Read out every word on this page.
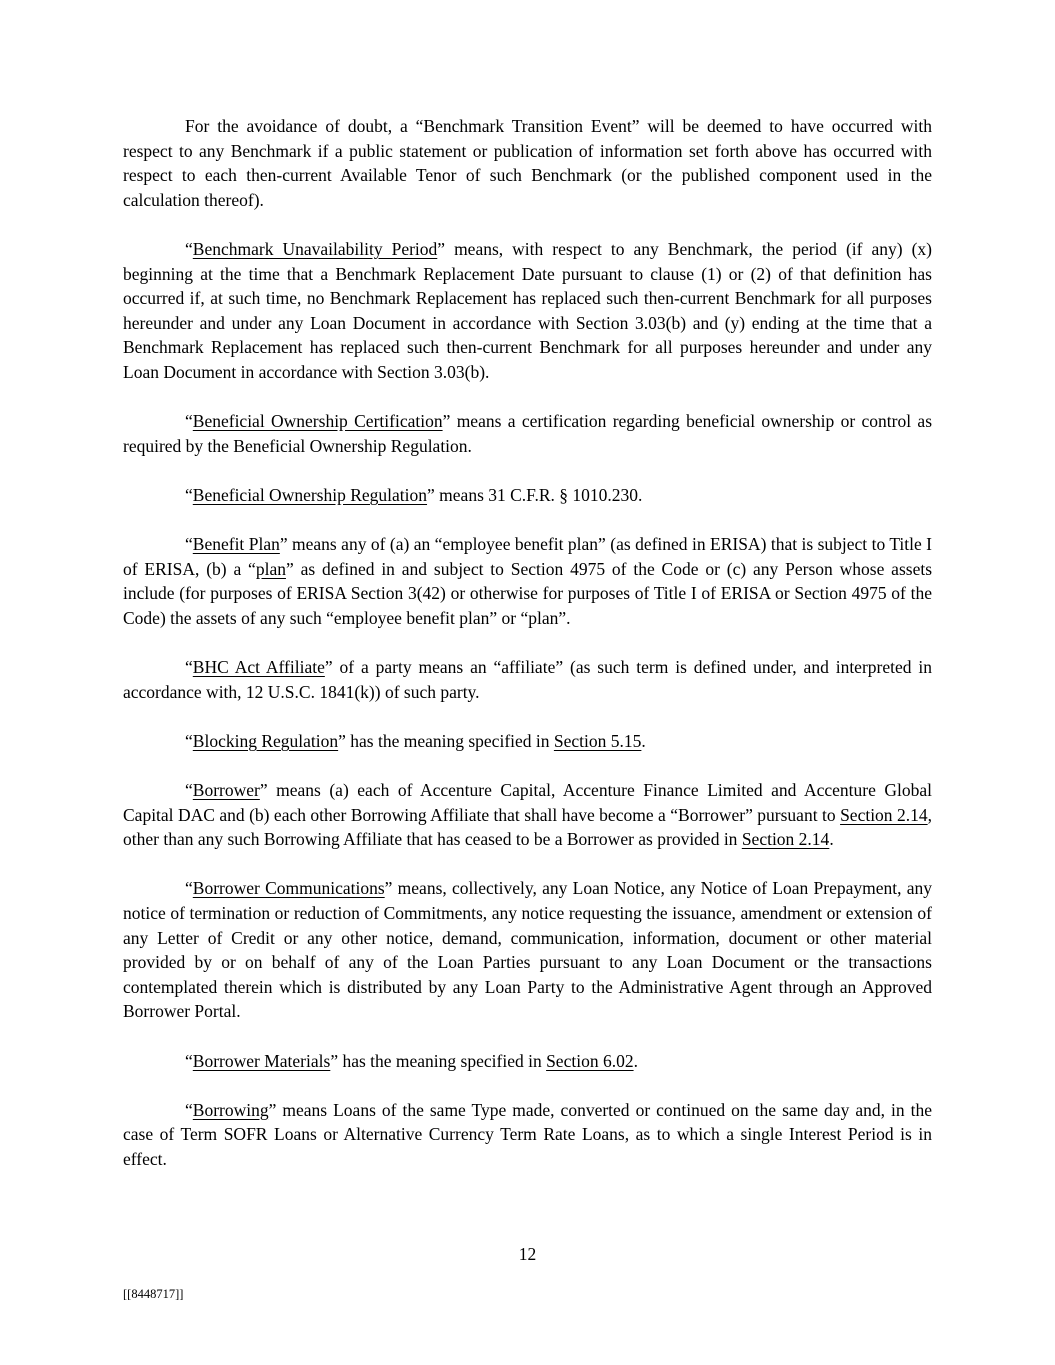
For the avoidance of doubt, a “Benchmark Transition Event” will be deemed to have occurred with respect to any Benchmark if a public statement or publication of information set forth above has occurred with respect to each then-current Available Tenor of such Benchmark (or the published component used in the calculation thereof).

“Benchmark Unavailability Period” means, with respect to any Benchmark, the period (if any) (x) beginning at the time that a Benchmark Replacement Date pursuant to clause (1) or (2) of that definition has occurred if, at such time, no Benchmark Replacement has replaced such then-current Benchmark for all purposes hereunder and under any Loan Document in accordance with Section 3.03(b) and (y) ending at the time that a Benchmark Replacement has replaced such then-current Benchmark for all purposes hereunder and under any Loan Document in accordance with Section 3.03(b).

“Beneficial Ownership Certification” means a certification regarding beneficial ownership or control as required by the Beneficial Ownership Regulation.

“Beneficial Ownership Regulation” means 31 C.F.R. § 1010.230.

“Benefit Plan” means any of (a) an “employee benefit plan” (as defined in ERISA) that is subject to Title I of ERISA, (b) a “plan” as defined in and subject to Section 4975 of the Code or (c) any Person whose assets include (for purposes of ERISA Section 3(42) or otherwise for purposes of Title I of ERISA or Section 4975 of the Code) the assets of any such “employee benefit plan” or “plan”.

“BHC Act Affiliate” of a party means an “affiliate” (as such term is defined under, and interpreted in accordance with, 12 U.S.C. 1841(k)) of such party.

“Blocking Regulation” has the meaning specified in Section 5.15.

“Borrower” means (a) each of Accenture Capital, Accenture Finance Limited and Accenture Global Capital DAC and (b) each other Borrowing Affiliate that shall have become a “Borrower” pursuant to Section 2.14, other than any such Borrowing Affiliate that has ceased to be a Borrower as provided in Section 2.14.

“Borrower Communications” means, collectively, any Loan Notice, any Notice of Loan Prepayment, any notice of termination or reduction of Commitments, any notice requesting the issuance, amendment or extension of any Letter of Credit or any other notice, demand, communication, information, document or other material provided by or on behalf of any of the Loan Parties pursuant to any Loan Document or the transactions contemplated therein which is distributed by any Loan Party to the Administrative Agent through an Approved Borrower Portal.

“Borrower Materials” has the meaning specified in Section 6.02.

“Borrowing” means Loans of the same Type made, converted or continued on the same day and, in the case of Term SOFR Loans or Alternative Currency Term Rate Loans, as to which a single Interest Period is in effect.

12
[[8448717]]
